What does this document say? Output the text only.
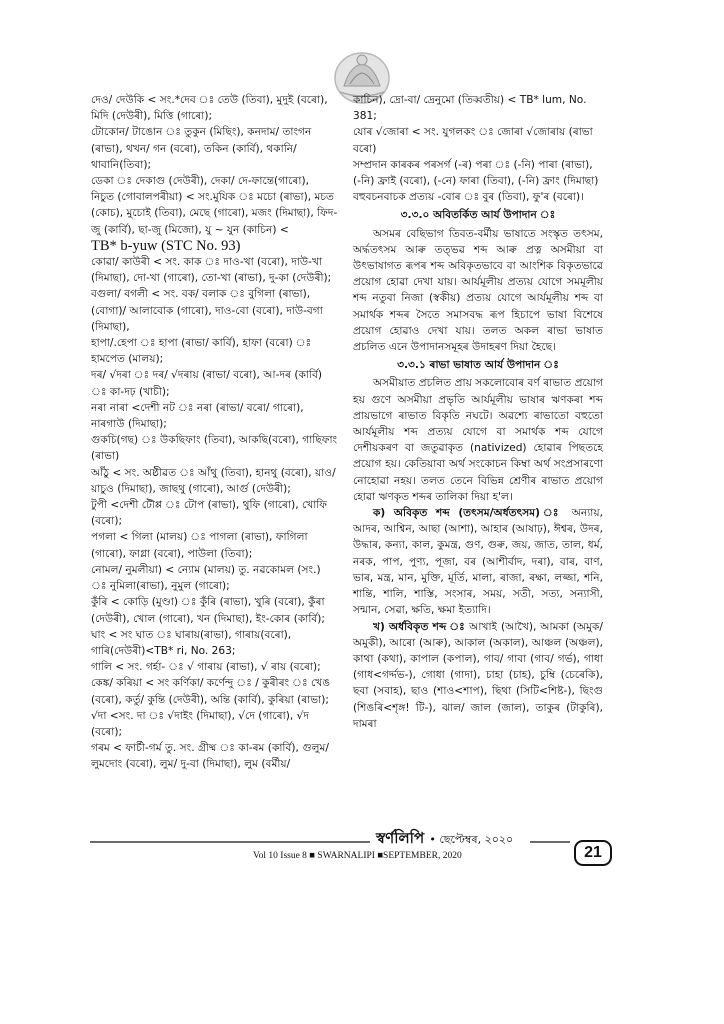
দেও/ দেউকি < সং.*দেব ঃ তেউ (তিবা), মুদুই (বৰো), মিদি (দেউৰী), মিত্তি (গাৰো);

টোকোন/ টাঙোন ঃ তুকুন (মিছিং), কনদাম/ তাংগন (ৰাভা), থখন/ গন (বৰো), তকিন (কাৰ্বি), থকানি/ থাবানি(তিবা);

ডেকা ঃ দেকাগু (দেউৰী), দেকা/ দে-ফান্তে(গাৰো),

নিচুত (গোবালপৰীয়া) < সং.মুযিক ঃ মচো (ৰাভা), মচত (কোচ), মুচোই (তিবা), মেছে (গাৰো), মজং (দিমাছা), ফিদ-জু (কাৰ্বি), ছা-জু (মিজো), যু ~ যুন (কাচিন) <

TB* b-yuw (STC No. 93)

কোৱা/ কাউৰী < সং. কাক ঃ দাও-খা (বৰো), দাউ-খা (দিমাছা), দো-খা (গাৰো), তো-খা (ৰাভা), দু-কা (দেউৰী);

বগুলা/ বগলী < সং. বক/ বলাক ঃ বুগিলা (ৰাভা), (বোগা)/ আলাবোক (গাৰো), দাও-বো (বৰো), দাউ-বগা (দিমাছা),

হাপা/.হেপা ঃ হাপা (ৰাভা/ কাৰ্বি), হাফা (বৰো) ঃ হামপেত (মালয়);

দৰ/ √দৰা ঃ দৰ/ √দৰায় (ৰাভা/ বৰো), আ-দৰ (কাৰ্বি) ঃ কা-দঢ় (খাচী);

নৰা নাৰা <দেশী নট ঃ নৰা (ৰাভা/ বৰো/ গাৰো), নাৰগাউ (দিমাছা);

গুকচি(গছ) ঃ উকছিফাং (তিবা), আকছি(বৰো), গাছিফাং (ৰাভা)

আঁঠু < সং. অষ্ঠীৱত ঃ আঁথু (তিবা), হানথু (বৰো), য়াও/ য়াচুও (দিমাছা), জাছথু (গাৰো), আৰ্গু (দেউৰী);

টুপী <দেশী টৌপ্প ঃ টোপ (ৰাভা), থুফি (গাৰো), খোফি (বৰো);

পগলা < গিলা (মালয়) ঃ পাগলা (ৰাভা), ফাগিলা (গাৰো), ফাগ্লা (বৰো), পাউলা (তিবা);

নোমল/ নুমলীয়া) < ন্যোম (মালয়) তু. নৱকোমল (সং.) ঃ নুমিলা(ৰাভা), নুমুল (গাৰো);

কুঁৰি < কোড়ি (মুণ্ডা) ঃ কুঁৰি (ৰাভা), খুৰি (বৰো), কুঁৰা (দেউৰী), খোল (গাৰো), খন (দিমাছা), ইং-কোৰ (কাৰ্বি);

ঘাং < সং ঘাত ঃ ঘাৰায়(ৰাভা), গাৰায়(বৰো), গাৰি(দেউৰী)<TB* ri, No. 263;

গালি < সং. গৰ্হা- ঃ √ গাৰায় (ৰাভা), √ ৰায় (বৰো);

কেঙ্ক/ কৰিয়া < সং কৰ্ণিকা/ কৰ্ণেন্দু ঃ / কুৰীৰং ঃ খেঙ (বৰো), কৰ্তু/ কুন্তি (দেউৰী), অন্তি (কাৰ্বি), কুৰিয়া (ৰাভা);

√দা <সং. দা ঃ √দাইং (দিমাছা), √দে (গাৰো), √দ (বৰো);

গৰম < ফাৰ্চী-গৰ্ম তু. সং. গ্ৰীষ্ম ঃ কা-ৰম (কাৰ্বি), গুলুম/ লুমদোং (বৰো), লুম/ দু-বা (দিমাছা), লুম (বৰ্মীয়/

কাচিন), দ্ৰো-বা/ দ্ৰেনুমো (তিব্বতীয়) < TB* lum, No. 381;

যোৰ √জোৰা < সং. যুগলকং ঃ জোৰা √জোৰায় (ৰাভা বৰো)

সম্প্ৰদান কাৰকৰ পৰসৰ্গ (-ৰ) পৰা ঃ (-নি) পাৰা (ৰাভা), (-নি) ফ্ৰাই (বৰো), (-নে) ফাৰা (তিবা), (-নি) ফ্ৰাং (দিমাছা)

বহুবচনবাচক প্ৰত্যয় -বোৰ ঃ বুৰ (তিবা), ফু'ৰ (বৰো)।

৩.৩.০ অবিতৰ্কিত আৰ্য উপাদান ঃ

অসমৰ বেছিভাগ তিবত-বৰ্মীয় ভাষাতে সংস্কৃত তৎসম, অৰ্দ্ধতৎসম আৰু তত্ভৱ শব্দ আৰু প্ৰত্ন অসমীয়া বা উৎভাষাগত ৰূপৰ শব্দ অবিকৃতভাবে বা আংশিক বিকৃতভাৱে প্ৰয়োগ হোৱা দেখা যায়। আৰ্যমূলীয় প্ৰত্যয় যোগে সমমূলীয় শব্দ নতুবা নিজা (স্বকীয়) প্ৰত্যয় যোগে আৰ্যমূলীয় শব্দ বা সমাৰ্থক শব্দৰ সৈতে সমাসবদ্ধ ৰূপ হিচাপে ভাষা বিশেষে প্ৰয়োগ হোৱাও দেখা যায়। তলত অকল ৰাভা ভাষাত প্ৰচলিত এনে উপাদানসমূহৰ উদাহৰণ দিয়া হৈছে।

৩.৩.১ ৰাভা ভাষাত আৰ্য উপাদান ঃ

অসমীয়াত প্ৰচলিত প্ৰায় সকলোবোৰ বৰ্ণ ৰাভাত প্ৰয়োগ হয় গুণে অসমীয়া প্ৰভৃতি আৰ্যমূলীয় ভাষাৰ ঋণকৰা শব্দ প্ৰায়ভাগে ৰাভাত বিকৃতি নঘটে। অৱশ্যে ৰাভাতো বহুতো আৰ্যমূলীয় শব্দ প্ৰত্যয় যোগে বা সমাৰ্থক শব্দ যোগে দেশীয়কৰণ বা জতুৱাকৃত (nativized) হোৱাৰ পিছতহে প্ৰয়োগ হয়। কেতিয়াবা অৰ্থ সংকোচন কিম্বা অৰ্থ সংপ্ৰসাৰণো নোহোৱা নহয়। তলত তেনে বিভিন্ন শ্ৰেণীৰ ৰাভাত প্ৰয়োগ হোৱা ঋণকৃত শব্দৰ তালিকা দিয়া হ'ল।

ক) অবিকৃত শব্দ (তৎসম/অৰ্ধতৎসম) ঃ অন্যায়, আদৰ, আশ্বিন, আছা (আশা), আহাৰ (আষাঢ়), ঈশ্বৰ, উদৰ, উদ্ধাৰ, কন্যা, কাল, কুমন্ত্ৰ, গুণ, গুৰু, জয়, জাত, তাল, ধৰ্ম, নৰক, পাপ, পুণ্য, পূজা, বৰ (আশীৰ্বাদ, দৰা), বাৰ, বাণ, ভাৰ, মন্ত্ৰ, মান, মুক্তি, মূৰ্তি, মালা, ৰাজা, ৰক্ষা, লজ্জা, শনি, শান্তি, শালি, শাস্তি, সংসাৰ, সময়, সতী, সত্য, সন্যাসী, সন্মান, সেৱা, ক্ষতি, ক্ষমা ইত্যাদি।

খ) অৰ্ধবিকৃত শব্দ ঃ আখাই (আখৈ), আমকা (অমুক/ অমুকী), আৰো (আৰু), আকাল (অকাল), আঞ্চল (অঞ্চল), কাথা (কথা), কাপাল (কপাল), গাব/ গাবা (গাব/ গৰ্ভ), গাধা (গাধ<গৰ্দ্দভ-), গোধা (গাদা), চাহা (চাহ), চুম্বি (চেৰেকি), ছবা (সবাহ), ছাও (শাও<শাপ), ছিথা (সিটি<শিষ্ট-), ছিংগু (শিঙৰি<শৃঙ্গ! টি-), ঝাল/ জাল (জাল), তাকুৰ (টাকুৰি), দামৰা

স্বৰ্ণলিপি • ছেপ্টেম্বৰ, ২০২০
Vol 10 Issue 8 ■ SWARNALIPI ■SEPTEMBER, 2020	21
